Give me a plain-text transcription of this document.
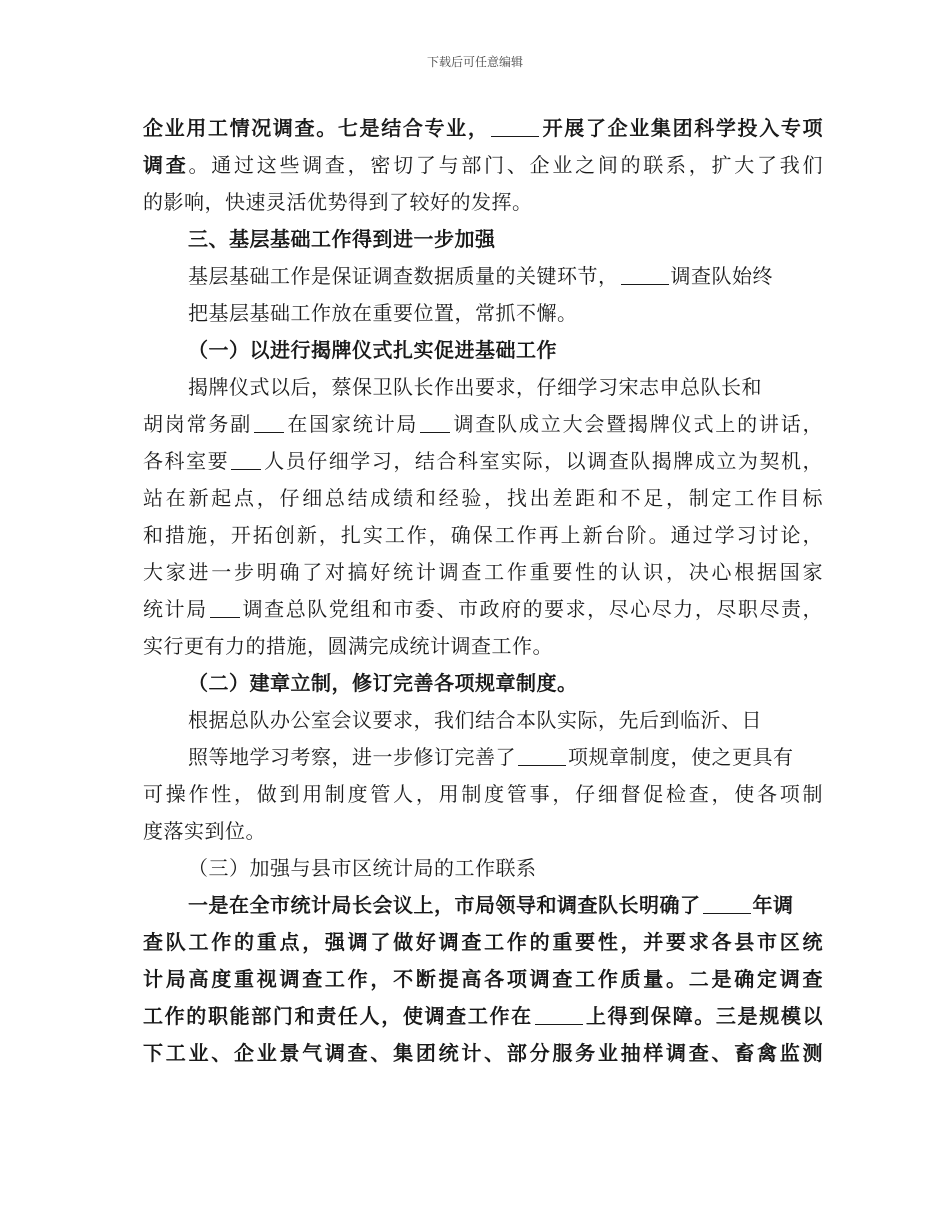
下载后可任意编辑
企业用工情况调查。七是结合专业，	开展了企业集团科学投入专项
调查。通过这些调查，密切了与部门、企业之间的联系，扩大了我们
的影响，快速灵活优势得到了较好的发挥。
三、基层基础工作得到进一步加强
基层基础工作是保证调查数据质量的关键环节，	调查队始终
把基层基础工作放在重要位置，常抓不懈。
（一）以进行揭牌仪式扎实促进基础工作
揭牌仪式以后，蔡保卫队长作出要求，仔细学习宋志申总队长和
胡岗常务副 在国家统计局 调查队成立大会暨揭牌仪式上的讲话，
各科室要 人员仔细学习，结合科室实际，以调查队揭牌成立为契机，
站在新起点，仔细总结成绩和经验，找出差距和不足，制定工作目标
和措施，开拓创新，扎实工作，确保工作再上新台阶。通过学习讨论，
大家进一步明确了对搞好统计调查工作重要性的认识，决心根据国家
统计局 调查总队党组和市委、市政府的要求，尽心尽力，尽职尽责，
实行更有力的措施，圆满完成统计调查工作。
（二）建章立制，修订完善各项规章制度。
根据总队办公室会议要求，我们结合本队实际，先后到临沂、日
照等地学习考察，进一步修订完善了	项规章制度，使之更具有
可操作性，做到用制度管人，用制度管事，仔细督促检查，使各项制
度落实到位。
（三）加强与县市区统计局的工作联系
一是在全市统计局长会议上，市局领导和调查队长明确了	年调
查队工作的重点，强调了做好调查工作的重要性，并要求各县市区统
计局高度重视调查工作，不断提高各项调查工作质量。二是确定调查
工作的职能部门和责任人，使调查工作在	上得到保障。三是规模以
下工业、企业景气调查、集团统计、部分服务业抽样调查、畜禽监测
